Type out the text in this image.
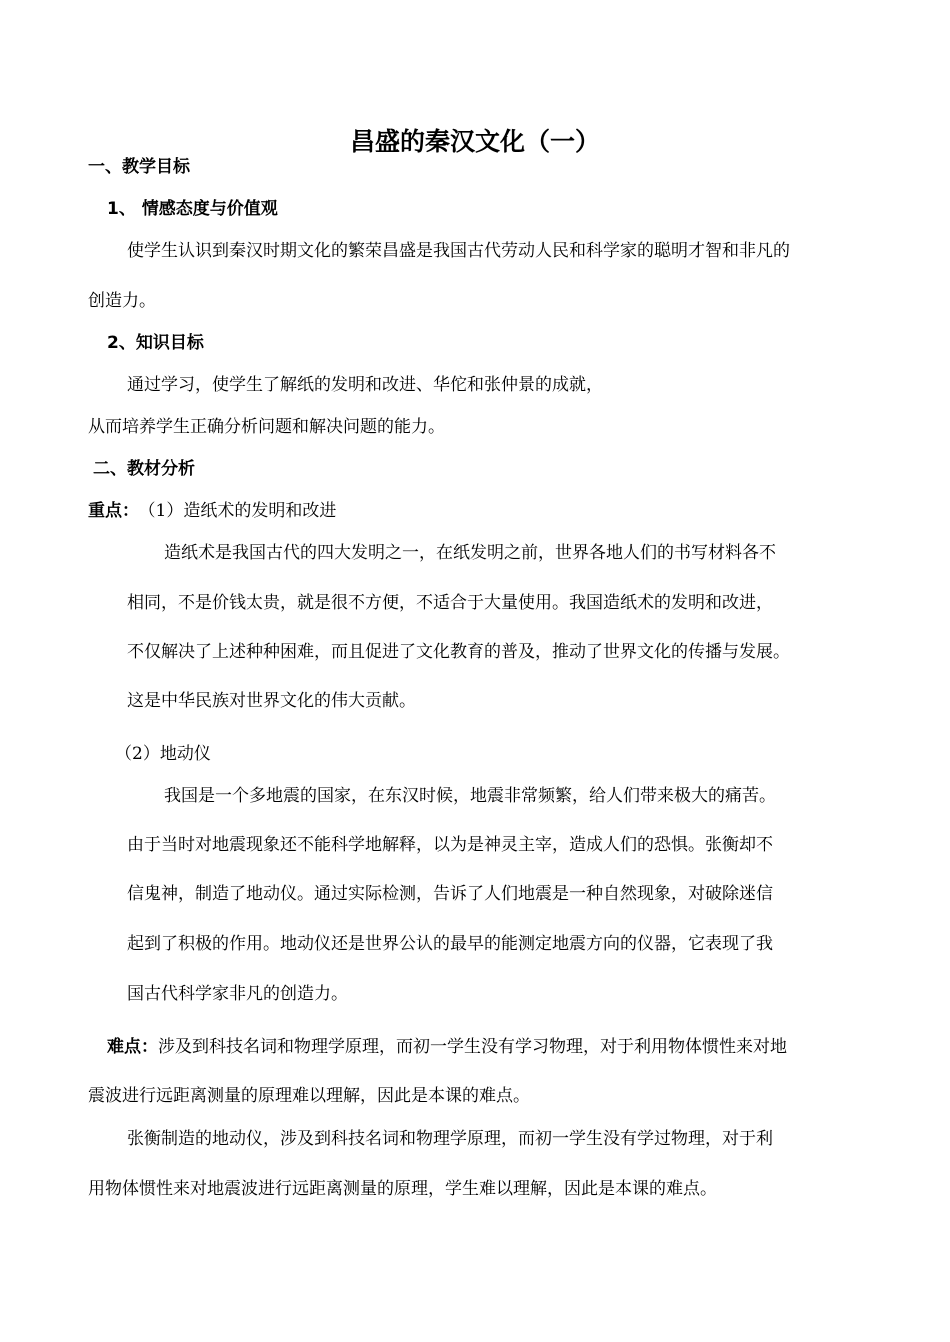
昌盛的秦汉文化（一）
一、教学目标
1、 情感态度与价值观
使学生认识到秦汉时期文化的繁荣昌盛是我国古代劳动人民和科学家的聪明才智和非凡的
创造力。
2、知识目标
通过学习，使学生了解纸的发明和改进、华佗和张仲景的成就，
从而培养学生正确分析问题和解决问题的能力。
二、教材分析
重点： （1）造纸术的发明和改进
造纸术是我国古代的四大发明之一，在纸发明之前，世界各地人们的书写材料各不
相同，不是价钱太贵，就是很不方便，不适合于大量使用。我国造纸术的发明和改进，
不仅解决了上述种种困难，而且促进了文化教育的普及，推动了世界文化的传播与发展。
这是中华民族对世界文化的伟大贡献。
（2）地动仪
我国是一个多地震的国家，在东汉时候，地震非常频繁，给人们带来极大的痛苦。
由于当时对地震现象还不能科学地解释，以为是神灵主宰，造成人们的恐惧。张衡却不
信鬼神，制造了地动仪。通过实际检测，告诉了人们地震是一种自然现象，对破除迷信
起到了积极的作用。地动仪还是世界公认的最早的能测定地震方向的仪器，它表现了我
国古代科学家非凡的创造力。
难点：涉及到科技名词和物理学原理，而初一学生没有学习物理，对于利用物体惯性来对地
震波进行远距离测量的原理难以理解，因此是本课的难点。
张衡制造的地动仪，涉及到科技名词和物理学原理，而初一学生没有学过物理，对于利
用物体惯性来对地震波进行远距离测量的原理，学生难以理解，因此是本课的难点。
